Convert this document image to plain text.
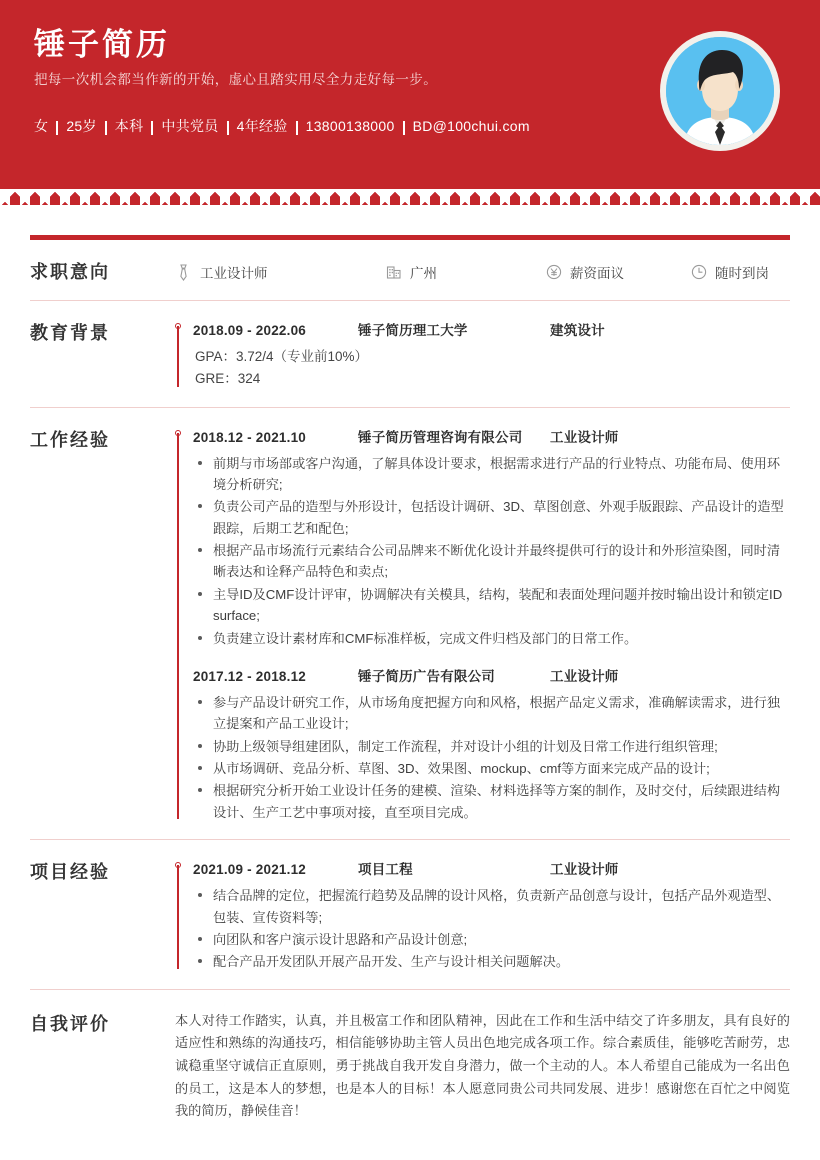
锤子简历
把每一次机会都当作新的开始，虚心且踏实用尽全力走好每一步。
女 25岁 本科 中共党员 4年经验 13800138000 BD@100chui.com
求职意向	工业设计师	广州	薪资面议	随时到岗
教育背景	2018.09 - 2022.06	锤子简历理工大学	建筑设计
GPA：3.72/4（专业前10%）
GRE：324
工作经验	2018.12 - 2021.10	锤子简历管理咨询有限公司	工业设计师
前期与市场部或客户沟通，了解具体设计要求，根据需求进行产品的行业特点、功能布局、使用环境分析研究;
负责公司产品的造型与外形设计，包括设计调研、3D、草图创意、外观手版跟踪、产品设计的造型跟踪，后期工艺和配色;
根据产品市场流行元素结合公司品牌来不断优化设计并最终提供可行的设计和外形渲染图，同时清晰表达和诠释产品特色和卖点;
主导ID及CMF设计评审，协调解决有关模具，结构，装配和表面处理问题并按时输出设计和锁定ID surface;
负责建立设计素材库和CMF标准样板，完成文件归档及部门的日常工作。
2017.12 - 2018.12	锤子简历广告有限公司	工业设计师
参与产品设计研究工作，从市场角度把握方向和风格，根据产品定义需求，准确解读需求，进行独立提案和产品工业设计;
协助上级领导组建团队，制定工作流程，并对设计小组的计划及日常工作进行组织管理;
从市场调研、竞品分析、草图、3D、效果图、mockup、cmf等方面来完成产品的设计;
根据研究分析开始工业设计任务的建模、渲染、材料选择等方案的制作，及时交付，后续跟进结构设计、生产工艺中事项对接，直至项目完成。
项目经验	2021.09 - 2021.12	项目工程	工业设计师
结合品牌的定位，把握流行趋势及品牌的设计风格，负责新产品创意与设计，包括产品外观造型、包装、宣传资料等;
向团队和客户演示设计思路和产品设计创意;
配合产品开发团队开展产品开发、生产与设计相关问题解决。
自我评价	本人对待工作踏实，认真，并且极富工作和团队精神，因此在工作和生活中结交了许多朋友，具有良好的适应性和熟练的沟通技巧，相信能够协助主管人员出色地完成各项工作。综合素质佳，能够吃苦耐劳，忠诚稳重坚守诚信正直原则，勇于挑战自我开发自身潜力，做一个主动的人。本人希望自己能成为一名出色的员工，这是本人的梦想，也是本人的目标！本人愿意同贵公司共同发展、进步！感谢您在百忙之中阅览我的简历，静候佳音！
